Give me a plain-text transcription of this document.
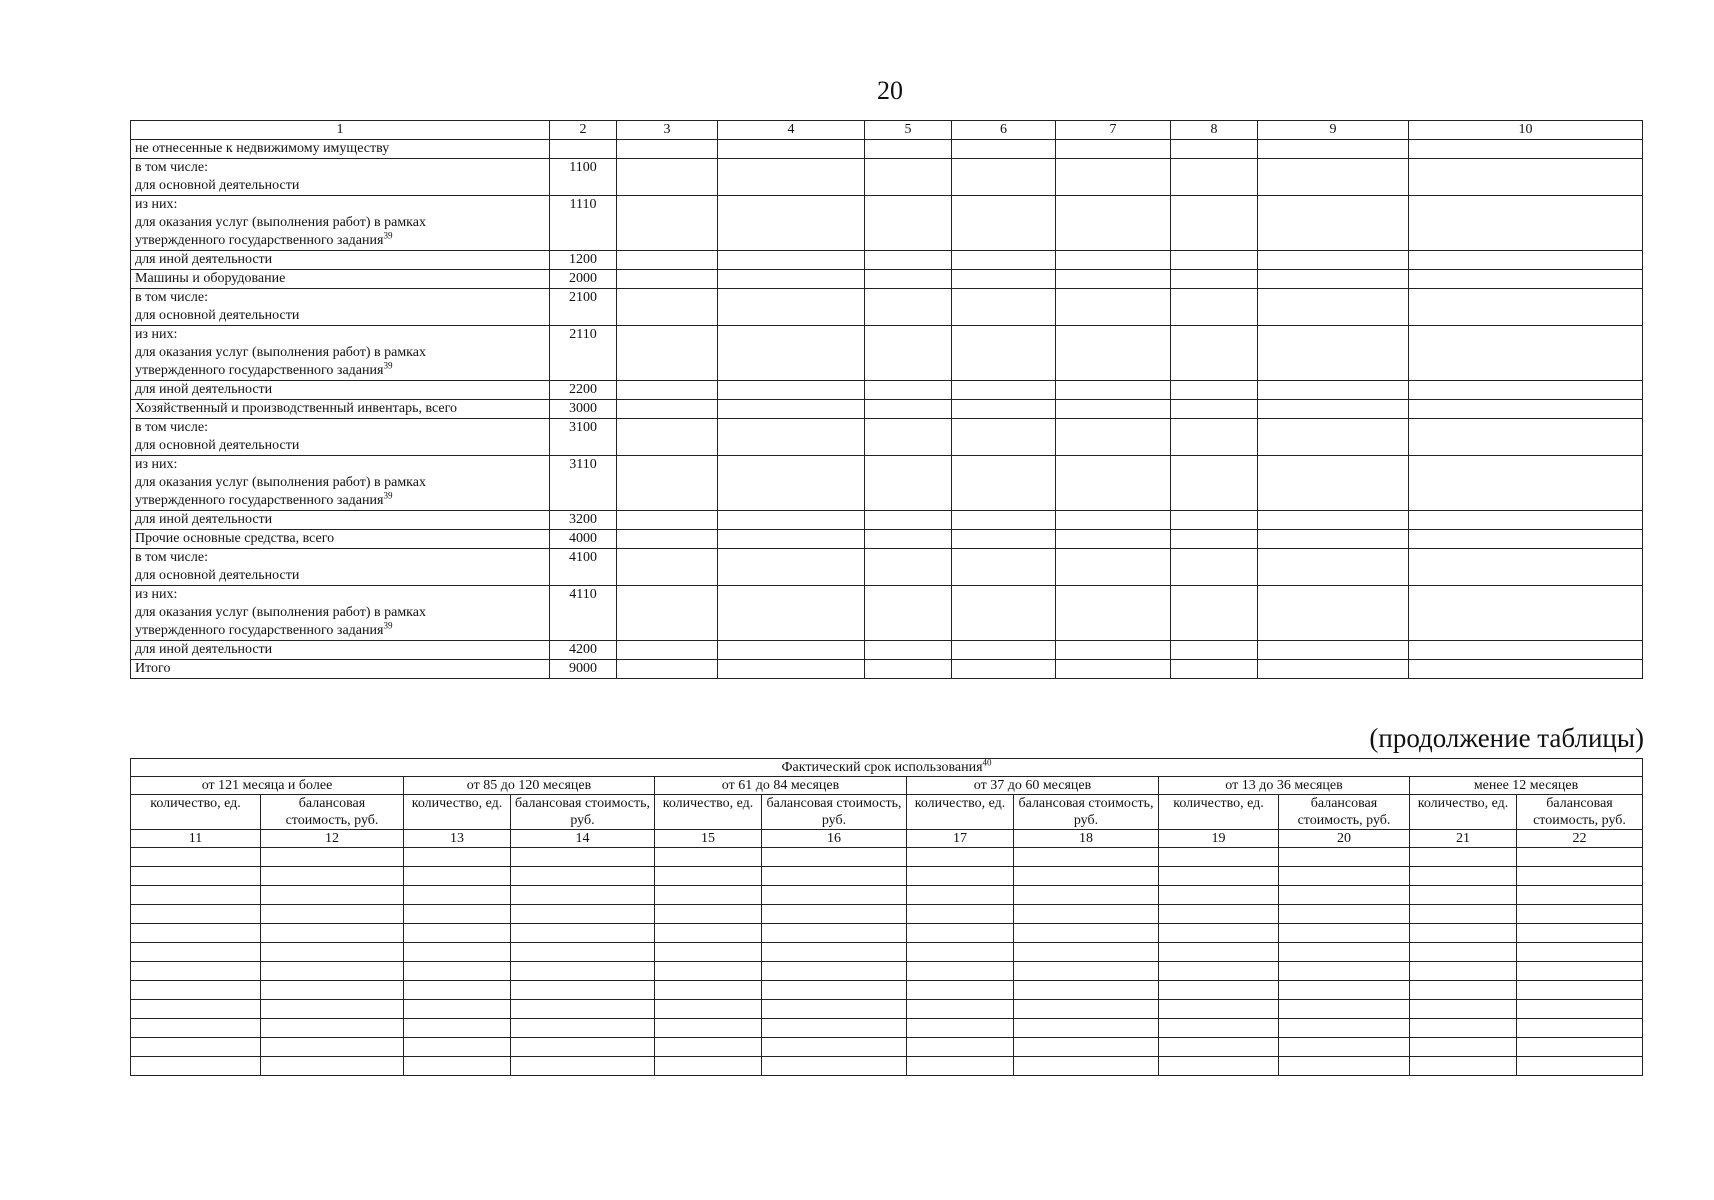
20
1	2	3	4	5	6	7	8	9	10

не отнесенные к недвижимому имуществу									

в том числе:
для основной деятельности	1100								

из них:
для оказания услуг (выполнения работ) в рамках
утвержденного государственного задания$^{39}$	1110								

для иной деятельности	1200								

Машины и оборудование	2000								

в том числе:
для основной деятельности	2100								

из них:
для оказания услуг (выполнения работ) в рамках
утвержденного государственного задания$^{39}$	2110								

для иной деятельности	2200								

Хозяйственный и производственный инвентарь, всего	3000								

в том числе:
для основной деятельности	3100								

из них:
для оказания услуг (выполнения работ) в рамках
утвержденного государственного задания$^{39}$	3110								

для иной деятельности	3200								

Прочие основные средства, всего	4000								

в том числе:
для основной деятельности	4100								

из них:
для оказания услуг (выполнения работ) в рамках
утвержденного государственного задания$^{39}$	4110								

для иной деятельности	4200								

Итого	9000								
(продолжение таблицы)
Фактический срок использования$^{40}$
от 121 месяца и более		от 85 до 120 месяцев		от 61 до 84 месяцев		от 37 до 60 месяцев		от 13 до 36 месяцев		менее 12 месяцев	
количество, ед.	балансовая стоимость, руб.	количество, ед.	балансовая стоимость, руб.	количество, ед.	балансовая стоимость, руб.	количество, ед.	балансовая стоимость, руб.	количество, ед.	балансовая стоимость, руб.	количество, ед.	балансовая стоимость, руб.
11	12	13	14	15	16	17	18	19	20	21	22
